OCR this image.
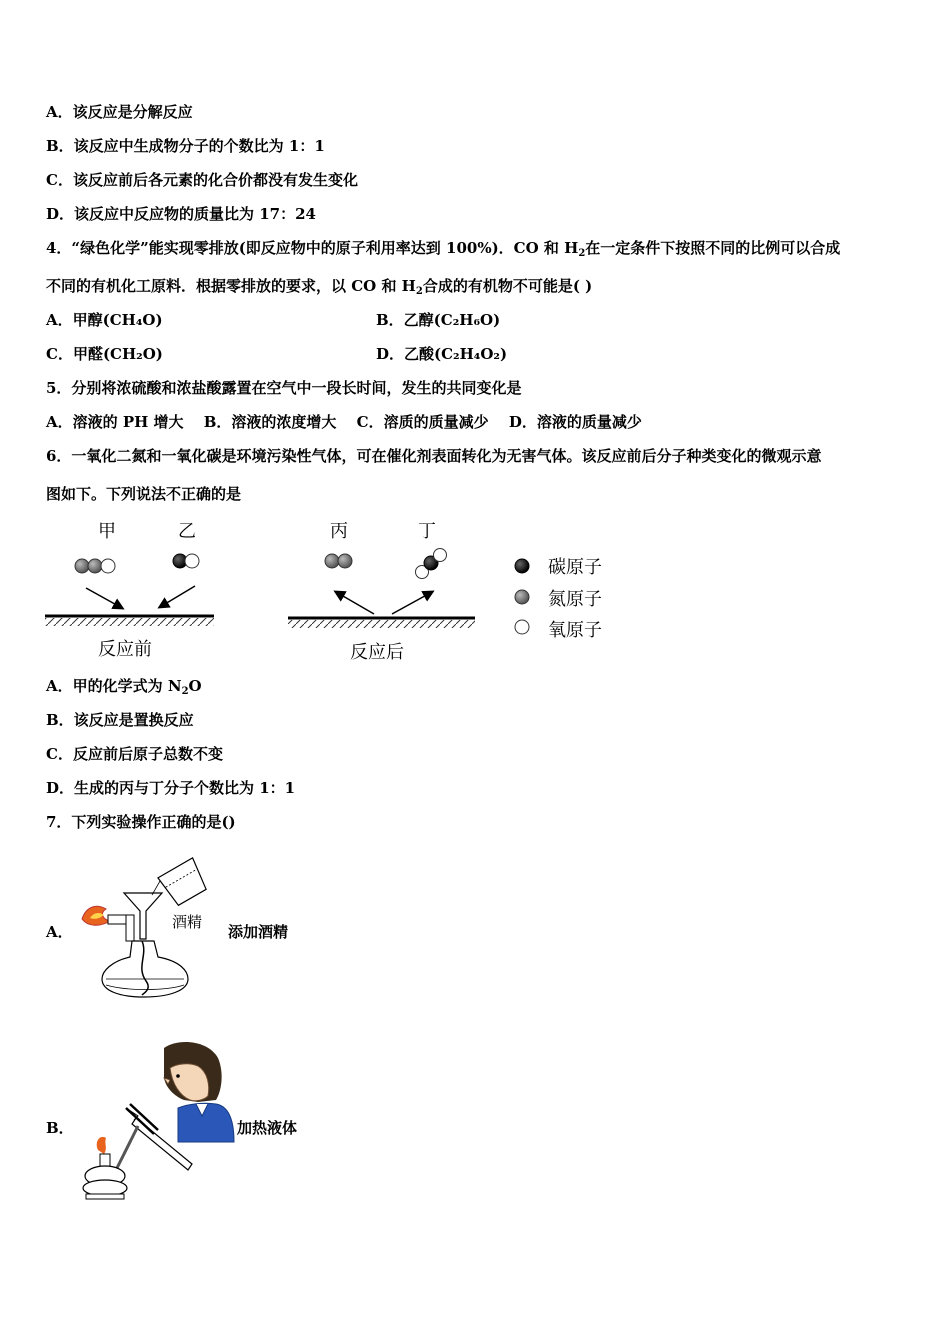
A．该反应是分解反应
B．该反应中生成物分子的个数比为 1：1
C．该反应前后各元素的化合价都没有发生变化
D．该反应中反应物的质量比为 17：24
4．“绿色化学”能实现零排放(即反应物中的原子利用率达到 100%)．CO 和 $H_2$在一定条件下按照不同的比例可以合成
不同的有机化工原料．根据零排放的要求，以 CO 和 $H_2$合成的有机物不可能是( )
A．甲醇(CH₄O)	B．乙醇(C₂H₆O)
C．甲醛(CH₂O)	D．乙酸(C₂H₄O₂)
5．分别将浓硫酸和浓盐酸露置在空气中一段长时间，发生的共同变化是
A．溶液的 PH 增大　 B．溶液的浓度增大　 C．溶质的质量减少　 D．溶液的质量减少
6．一氧化二氮和一氧化碳是环境污染性气体，可在催化剂表面转化为无害气体。该反应前后分子种类变化的微观示意
图如下。下列说法不正确的是
甲	乙	丙	丁
反应前	反应后
碳原子
氮原子
氧原子
A．甲的化学式为 $N_2O$
B．该反应是置换反应
C．反应前后原子总数不变
D．生成的丙与丁分子个数比为 1：1
7．下列实验操作正确的是()
A．
酒精
添加酒精
B．	加热液体
